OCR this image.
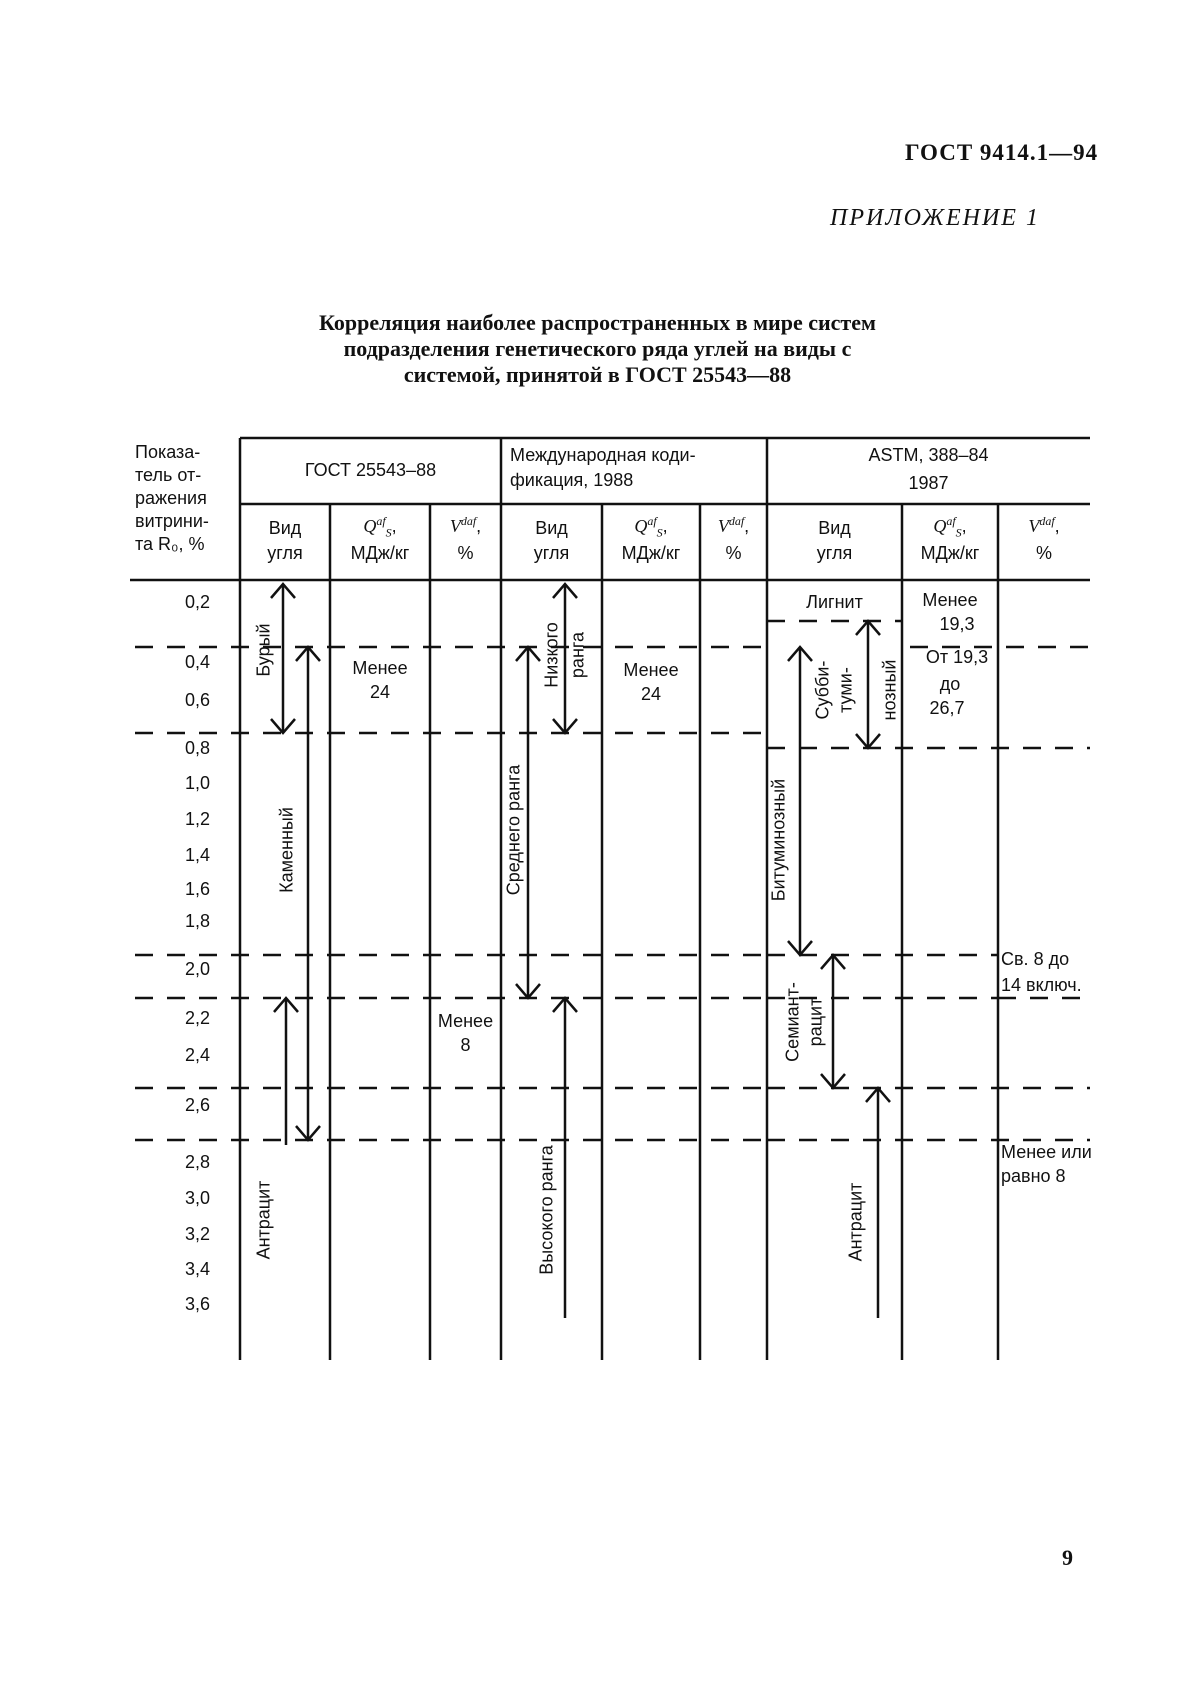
ГОСТ 9414.1—94
ПРИЛОЖЕНИЕ 1
Корреляция наиболее распространенных в мире систем
подразделения генетического ряда углей на виды с
системой, принятой в ГОСТ 25543—88
Показа-
тель от-
ражения
витрини-
та R₀, %
ГОСТ 25543–88
Международная коди-
фикация, 1988
ASTM, 388–84
1987
Вид
угля
$Q^{af}_S$,
МДж/кг
$V^{daf}$,
%
Вид
угля
$Q^{af}_S$,
МДж/кг
$V^{daf}$,
%
Вид
угля
$Q^{af}_S$,
МДж/кг
$V^{daf}$,
%
0,2
0,4
0,6
0,8
1,0
1,2
1,4
1,6
1,8
2,0
2,2
2,4
2,6
2,8
3,0
3,2
3,4
3,6
Бурый
Каменный
Антрацит
Менее
24
Менее
8
Низкого ранга
Среднего ранга
Высокого ранга
Менее
24
Лигнит
Субби- туми- нозный
Битуминозный
Семиант- рацит
Антрацит
Менее
19,3
От 19,3
до
26,7
Св. 8 до
14 включ.
Менее или
равно 8
9
